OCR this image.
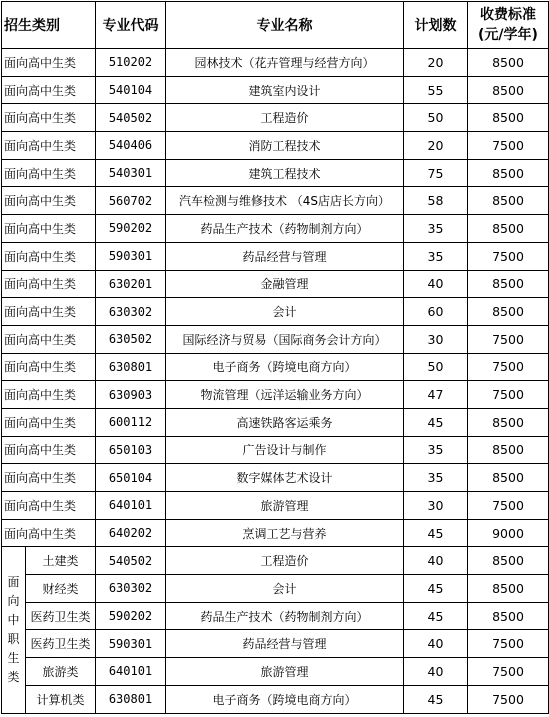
招生类别		专业代码	专业名称	计划数	收费标准
(元/学年)
面向高中生类		510202	园林技术（花卉管理与经营方向）	20	8500
面向高中生类		540104	建筑室内设计	55	8500
面向高中生类		540502	工程造价	50	8500
面向高中生类		540406	消防工程技术	20	7500
面向高中生类		540301	建筑工程技术	75	8500
面向高中生类		560702	汽车检测与维修技术 （4S店店长方向）	58	8500
面向高中生类		590202	药品生产技术（药物制剂方向）	35	8500
面向高中生类		590301	药品经营与管理	35	7500
面向高中生类		630201	金融管理	40	8500
面向高中生类		630302	会计	60	8500
面向高中生类		630502	国际经济与贸易（国际商务会计方向）	30	7500
面向高中生类		630801	电子商务（跨境电商方向）	50	7500
面向高中生类		630903	物流管理（远洋运输业务方向）	47	7500
面向高中生类		600112	高速铁路客运乘务	45	8500
面向高中生类		650103	广告设计与制作	35	8500
面向高中生类		650104	数字媒体艺术设计	35	8500
面向高中生类		640101	旅游管理	30	7500
面向高中生类		640202	烹调工艺与营养	45	9000

面向中职生类	土建类	540502	工程造价	40	8500
	财经类	630302	会计	45	8500
	医药卫生类	590202	药品生产技术（药物制剂方向）	45	8500
	医药卫生类	590301	药品经营与管理	40	7500
	旅游类	640101	旅游管理	40	7500
	计算机类	630801	电子商务（跨境电商方向）	45	7500
